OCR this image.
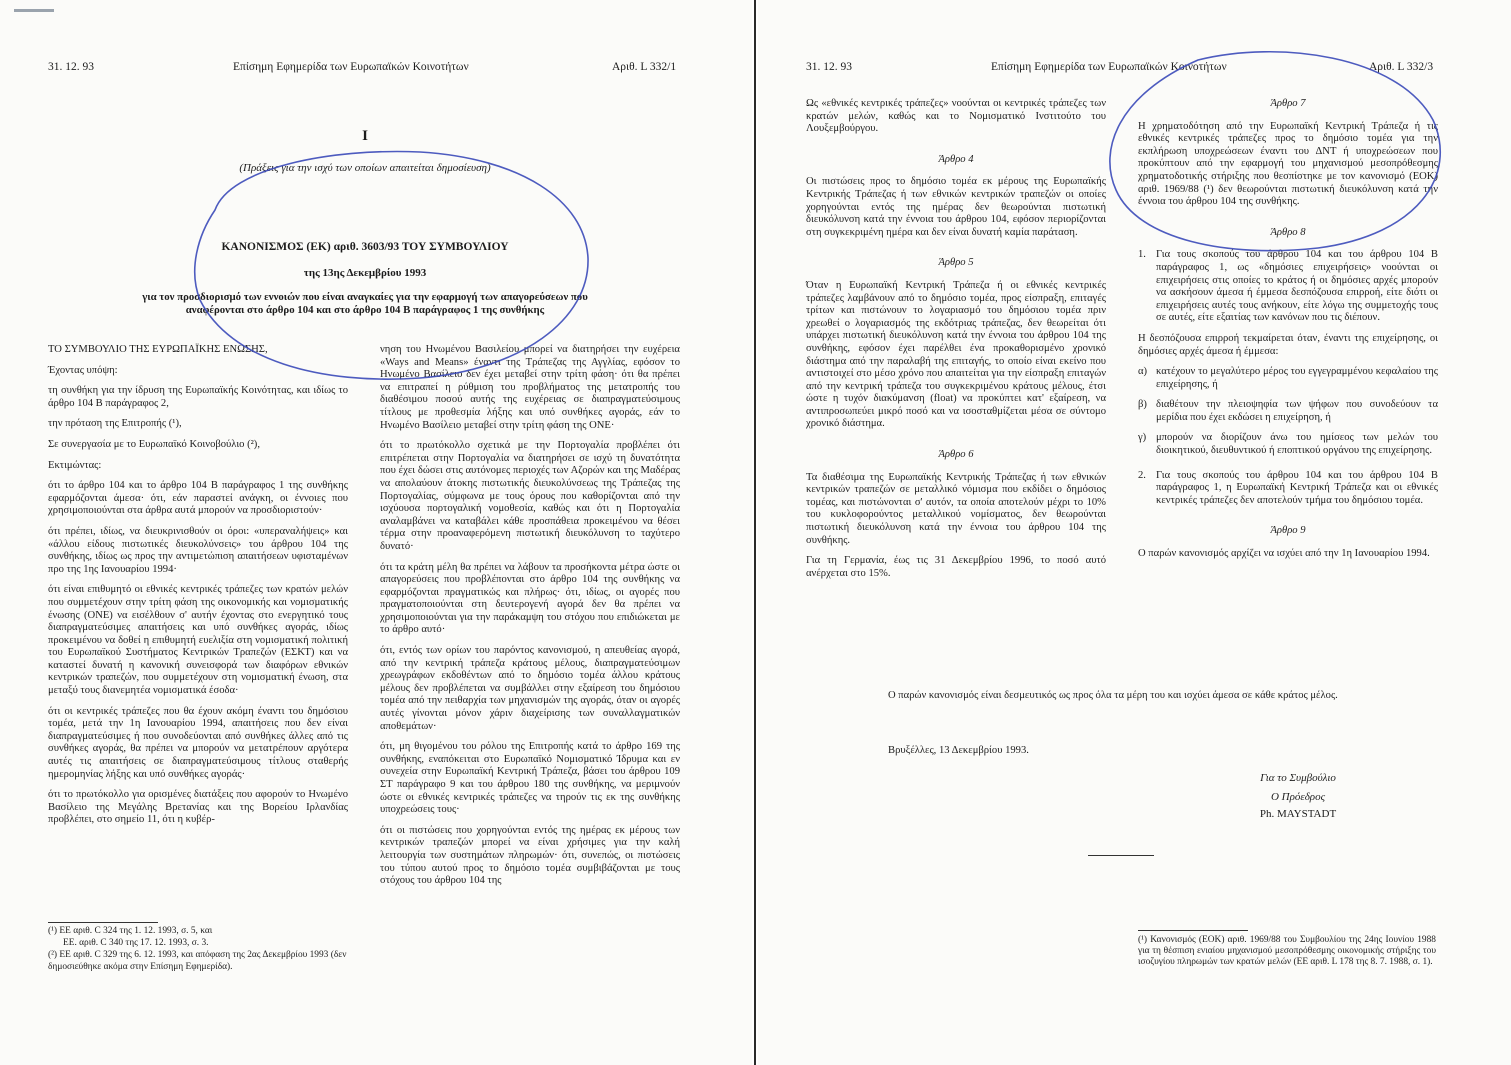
31. 12. 93	Επίσημη Εφημερίδα των Ευρωπαϊκών Κοινοτήτων	Αριθ. L 332/1
I
(Πράξεις για την ισχύ των οποίων απαιτείται δημοσίευση)
ΚΑΝΟΝΙΣΜΟΣ (ΕΚ) αριθ. 3603/93 ΤΟΥ ΣΥΜΒΟΥΛΙΟΥ
της 13ης Δεκεμβρίου 1993
για τον προσδιορισμό των εννοιών που είναι αναγκαίες για την εφαρμογή των απαγορεύσεων που αναφέρονται στο άρθρο 104 και στο άρθρο 104 Β παράγραφος 1 της συνθήκης

ΤΟ ΣΥΜΒΟΥΛΙΟ ΤΗΣ ΕΥΡΩΠΑΪΚΗΣ ΕΝΩΣΗΣ,

Έχοντας υπόψη:

τη συνθήκη για την ίδρυση της Ευρωπαϊκής Κοινότητας, και ιδίως το άρθρο 104 Β παράγραφος 2,

την πρόταση της Επιτροπής (¹),

Σε συνεργασία με το Ευρωπαϊκό Κοινοβούλιο (²),

Εκτιμώντας:

ότι το άρθρο 104 και το άρθρο 104 Β παράγραφος 1 της συνθήκης εφαρμόζονται άμεσα· ότι, εάν παραστεί ανάγκη, οι έννοιες που χρησιμοποιούνται στα άρθρα αυτά μπορούν να προσδιοριστούν·

ότι πρέπει, ιδίως, να διευκρινισθούν οι όροι: «υπεραναλήψεις» και «άλλου είδους πιστωτικές διευκολύνσεις» του άρθρου 104 της συνθήκης, ιδίως ως προς την αντιμετώπιση απαιτήσεων υφισταμένων προ της 1ης Ιανουαρίου 1994·

ότι είναι επιθυμητό οι εθνικές κεντρικές τράπεζες των κρατών μελών που συμμετέχουν στην τρίτη φάση της οικονομικής και νομισματικής ένωσης (ΟΝΕ) να εισέλθουν σ' αυτήν έχοντας στο ενεργητικό τους διαπραγματεύσιμες απαιτήσεις και υπό συνθήκες αγοράς, ιδίως προκειμένου να δοθεί η επιθυμητή ευελιξία στη νομισματική πολιτική του Ευρωπαϊκού Συστήματος Κεντρικών Τραπεζών (ΕΣΚΤ) και να καταστεί δυνατή η κανονική συνεισφορά των διαφόρων εθνικών κεντρικών τραπεζών, που συμμετέχουν στη νομισματική ένωση, στα μεταξύ τους διανεμητέα νομισματικά έσοδα·

ότι οι κεντρικές τράπεζες που θα έχουν ακόμη έναντι του δημόσιου τομέα, μετά την 1η Ιανουαρίου 1994, απαιτήσεις που δεν είναι διαπραγματεύσιμες ή που συνοδεύονται από συνθήκες άλλες από τις συνθήκες αγοράς, θα πρέπει να μπορούν να μετατρέπουν αργότερα αυτές τις απαιτήσεις σε διαπραγματεύσιμους τίτλους σταθερής ημερομηνίας λήξης και υπό συνθήκες αγοράς·

ότι το πρωτόκολλο για ορισμένες διατάξεις που αφορούν το Ηνωμένο Βασίλειο της Μεγάλης Βρετανίας και της Βορείου Ιρλανδίας προβλέπει, στο σημείο 11, ότι η κυβέρ-

νηση του Ηνωμένου Βασιλείου μπορεί να διατηρήσει την ευχέρεια «Ways and Means» έναντι της Τράπεζας της Αγγλίας, εφόσον το Ηνωμένο Βασίλειο δεν έχει μεταβεί στην τρίτη φάση· ότι θα πρέπει να επιτραπεί η ρύθμιση του προβλήματος της μετατροπής του διαθέσιμου ποσού αυτής της ευχέρειας σε διαπραγματεύσιμους τίτλους με προθεσμία λήξης και υπό συνθήκες αγοράς, εάν το Ηνωμένο Βασίλειο μεταβεί στην τρίτη φάση της ΟΝΕ·

ότι το πρωτόκολλο σχετικά με την Πορτογαλία προβλέπει ότι επιτρέπεται στην Πορτογαλία να διατηρήσει σε ισχύ τη δυνατότητα που έχει δώσει στις αυτόνομες περιοχές των Αζορών και της Μαδέρας να απολαύουν άτοκης πιστωτικής διευκολύνσεως της Τράπεζας της Πορτογαλίας, σύμφωνα με τους όρους που καθορίζονται από την ισχύουσα πορτογαλική νομοθεσία, καθώς και ότι η Πορτογαλία αναλαμβάνει να καταβάλει κάθε προσπάθεια προκειμένου να θέσει τέρμα στην προαναφερόμενη πιστωτική διευκόλυνση το ταχύτερο δυνατό·

ότι τα κράτη μέλη θα πρέπει να λάβουν τα προσήκοντα μέτρα ώστε οι απαγορεύσεις που προβλέπονται στο άρθρο 104 της συνθήκης να εφαρμόζονται πραγματικώς και πλήρως· ότι, ιδίως, οι αγορές που πραγματοποιούνται στη δευτερογενή αγορά δεν θα πρέπει να χρησιμοποιούνται για την παράκαμψη του στόχου που επιδιώκεται με το άρθρο αυτό·

ότι, εντός των ορίων του παρόντος κανονισμού, η απευθείας αγορά, από την κεντρική τράπεζα κράτους μέλους, διαπραγματεύσιμων χρεωγράφων εκδοθέντων από το δημόσιο τομέα άλλου κράτους μέλους δεν προβλέπεται να συμβάλλει στην εξαίρεση του δημόσιου τομέα από την πειθαρχία των μηχανισμών της αγοράς, όταν οι αγορές αυτές γίνονται μόνον χάριν διαχείρισης των συναλλαγματικών αποθεμάτων·

ότι, μη θιγομένου του ρόλου της Επιτροπής κατά το άρθρο 169 της συνθήκης, εναπόκειται στο Ευρωπαϊκό Νομισματικό Ίδρυμα και εν συνεχεία στην Ευρωπαϊκή Κεντρική Τράπεζα, βάσει του άρθρου 109 ΣΤ παράγραφο 9 και του άρθρου 180 της συνθήκης, να μεριμνούν ώστε οι εθνικές κεντρικές τράπεζες να τηρούν τις εκ της συνθήκης υποχρεώσεις τους·

ότι οι πιστώσεις που χορηγούνται εντός της ημέρας εκ μέρους των κεντρικών τραπεζών μπορεί να είναι χρήσιμες για την καλή λειτουργία των συστημάτων πληρωμών· ότι, συνεπώς, οι πιστώσεις του τύπου αυτού προς το δημόσιο τομέα συμβιβάζονται με τους στόχους του άρθρου 104 της

(¹) ΕΕ αριθ. C 324 της 1. 12. 1993, σ. 5, και
ΕΕ. αριθ. C 340 της 17. 12. 1993, σ. 3.
(²) ΕΕ αριθ. C 329 της 6. 12. 1993, και απόφαση της 2ας Δεκεμβρίου 1993 (δεν δημοσιεύθηκε ακόμα στην Επίσημη Εφημερίδα).
31. 12. 93	Επίσημη Εφημερίδα των Ευρωπαϊκών Κοινοτήτων	Αριθ. L 332/3

Ως «εθνικές κεντρικές τράπεζες» νοούνται οι κεντρικές τράπεζες των κρατών μελών, καθώς και το Νομισματικό Ινστιτούτο του Λουξεμβούργου.

Άρθρο 4

Οι πιστώσεις προς το δημόσιο τομέα εκ μέρους της Ευρωπαϊκής Κεντρικής Τράπεζας ή των εθνικών κεντρικών τραπεζών οι οποίες χορηγούνται εντός της ημέρας δεν θεωρούνται πιστωτική διευκόλυνση κατά την έννοια του άρθρου 104, εφόσον περιορίζονται στη συγκεκριμένη ημέρα και δεν είναι δυνατή καμία παράταση.

Άρθρο 5

Όταν η Ευρωπαϊκή Κεντρική Τράπεζα ή οι εθνικές κεντρικές τράπεζες λαμβάνουν από το δημόσιο τομέα, προς είσπραξη, επιταγές τρίτων και πιστώνουν το λογαριασμό του δημόσιου τομέα πριν χρεωθεί ο λογαριασμός της εκδότριας τράπεζας, δεν θεωρείται ότι υπάρχει πιστωτική διευκόλυνση κατά την έννοια του άρθρου 104 της συνθήκης, εφόσον έχει παρέλθει ένα προκαθορισμένο χρονικό διάστημα από την παραλαβή της επιταγής, το οποίο είναι εκείνο που αντιστοιχεί στο μέσο χρόνο που απαιτείται για την είσπραξη επιταγών από την κεντρική τράπεζα του συγκεκριμένου κράτους μέλους, έτσι ώστε η τυχόν διακύμανση (float) να προκύπτει κατ' εξαίρεση, να αντιπροσωπεύει μικρό ποσό και να ισοσταθμίζεται μέσα σε σύντομο χρονικό διάστημα.

Άρθρο 6

Τα διαθέσιμα της Ευρωπαϊκής Κεντρικής Τράπεζας ή των εθνικών κεντρικών τραπεζών σε μεταλλικό νόμισμα που εκδίδει ο δημόσιος τομέας, και πιστώνονται σ' αυτόν, τα οποία αποτελούν μέχρι το 10% του κυκλοφορούντος μεταλλικού νομίσματος, δεν θεωρούνται πιστωτική διευκόλυνση κατά την έννοια του άρθρου 104 της συνθήκης.

Για τη Γερμανία, έως τις 31 Δεκεμβρίου 1996, το ποσό αυτό ανέρχεται στο 15%.

Άρθρο 7

Η χρηματοδότηση από την Ευρωπαϊκή Κεντρική Τράπεζα ή τις εθνικές κεντρικές τράπεζες προς το δημόσιο τομέα για την εκπλήρωση υποχρεώσεων έναντι του ΔΝΤ ή υποχρεώσεων που προκύπτουν από την εφαρμογή του μηχανισμού μεσοπρόθεσμης χρηματοδοτικής στήριξης που θεσπίστηκε με τον κανονισμό (ΕΟΚ) αριθ. 1969/88 (¹) δεν θεωρούνται πιστωτική διευκόλυνση κατά την έννοια του άρθρου 104 της συνθήκης.

Άρθρο 8

1. Για τους σκοπούς του άρθρου 104 και του άρθρου 104 Β παράγραφος 1, ως «δημόσιες επιχειρήσεις» νοούνται οι επιχειρήσεις στις οποίες το κράτος ή οι δημόσιες αρχές μπορούν να ασκήσουν άμεσα ή έμμεσα δεσπόζουσα επιρροή, είτε διότι οι επιχειρήσεις αυτές τους ανήκουν, είτε λόγω της συμμετοχής τους σε αυτές, είτε εξαιτίας των κανόνων που τις διέπουν.

Η δεσπόζουσα επιρροή τεκμαίρεται όταν, έναντι της επιχείρησης, οι δημόσιες αρχές άμεσα ή έμμεσα:

α) κατέχουν το μεγαλύτερο μέρος του εγγεγραμμένου κεφαλαίου της επιχείρησης, ή
β) διαθέτουν την πλειοψηφία των ψήφων που συνοδεύουν τα μερίδια που έχει εκδώσει η επιχείρηση, ή
γ) μπορούν να διορίζουν άνω του ημίσεος των μελών του διοικητικού, διευθυντικού ή εποπτικού οργάνου της επιχείρησης.
2. Για τους σκοπούς του άρθρου 104 και του άρθρου 104 Β παράγραφος 1, η Ευρωπαϊκή Κεντρική Τράπεζα και οι εθνικές κεντρικές τράπεζες δεν αποτελούν τμήμα του δημόσιου τομέα.

Άρθρο 9

Ο παρών κανονισμός αρχίζει να ισχύει από την 1η Ιανουαρίου 1994.

Ο παρών κανονισμός είναι δεσμευτικός ως προς όλα τα μέρη του και ισχύει άμεσα σε κάθε κράτος μέλος.
Βρυξέλλες, 13 Δεκεμβρίου 1993.
Για το Συμβούλιο
Ο Πρόεδρος
Ph. MAYSTADT
(¹) Κανονισμός (ΕΟΚ) αριθ. 1969/88 του Συμβουλίου της 24ης Ιουνίου 1988 για τη θέσπιση ενιαίου μηχανισμού μεσοπρόθεσμης οικονομικής στήριξης του ισοζυγίου πληρωμών των κρατών μελών (ΕΕ αριθ. L 178 της 8. 7. 1988, σ. 1).
